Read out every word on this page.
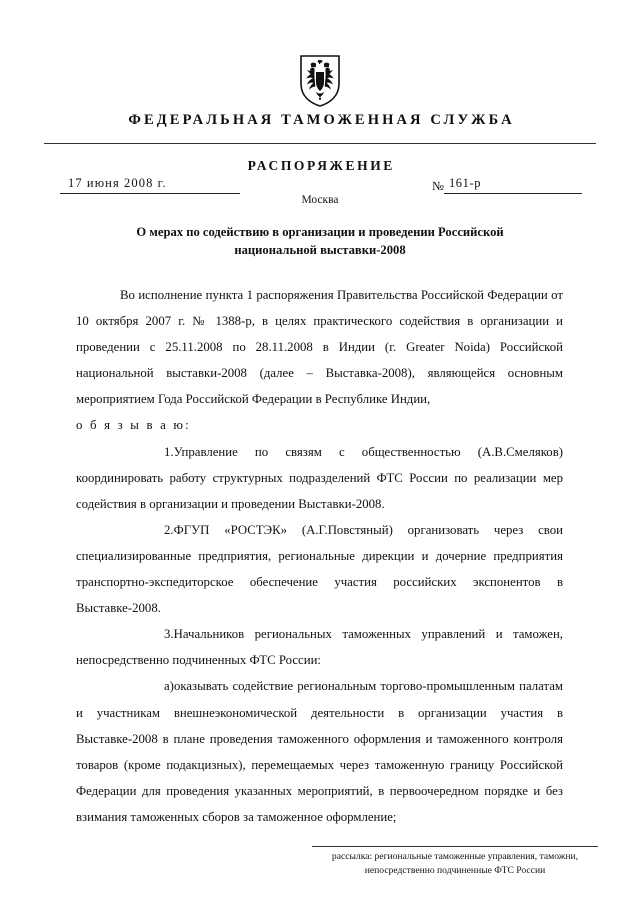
ФЕДЕРАЛЬНАЯ ТАМОЖЕННАЯ СЛУЖБА
РАСПОРЯЖЕНИЕ
17 июня 2008 г.	№ 161-р
Москва
О мерах по содействию в организации и проведении Российской национальной выставки-2008

Во исполнение пункта 1 распоряжения Правительства Российской Федерации от 10 октября 2007 г. № 1388-р, в целях практического содействия в организации и проведении с 25.11.2008 по 28.11.2008 в Индии (г. Greater Noida) Российской национальной выставки-2008 (далее – Выставка-2008), являющейся основным мероприятием Года Российской Федерации в Республике Индии,

о б я з ы в а ю:

1.Управление по связям с общественностью (А.В.Смеляков) координировать работу структурных подразделений ФТС России по реализации мер содействия в организации и проведении Выставки-2008.

2.ФГУП «РОСТЭК» (А.Г.Повстяный) организовать через свои специализированные предприятия, региональные дирекции и дочерние предприятия транспортно-экспедиторское обеспечение участия российских экспонентов в Выставке-2008.

3.Начальников региональных таможенных управлений и таможен, непосредственно подчиненных ФТС России:

а)оказывать содействие региональным торгово-промышленным палатам и участникам внешнеэкономической деятельности в организации участия в Выставке-2008 в плане проведения таможенного оформления и таможенного контроля товаров (кроме подакцизных), перемещаемых через таможенную границу Российской Федерации для проведения указанных мероприятий, в первоочередном порядке и без взимания таможенных сборов за таможенное оформление;

рассылка: региональные таможенные управления, таможни,
непосредственно подчиненные ФТС России
